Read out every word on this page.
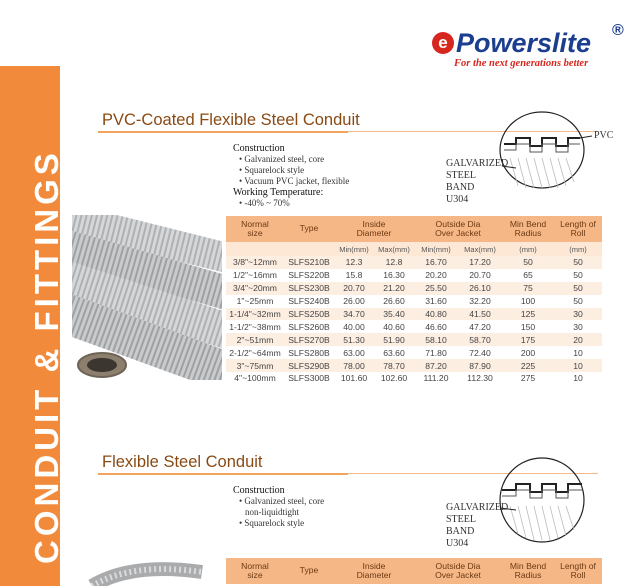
CONDUIT & FITTINGS
e Powerslite ®
For the next generations better
PVC-Coated Flexible Steel Conduit
Construction
• Galvanized steel, core
• Squarelock style
• Vacuum PVC jacket, flexible
Working Temperature:
• -40% ~ 70%
PVC
GALVARIZED
STEEL
BAND
U304
Normal size	Type	Inside Diameter		Outside Dia Over Jacket		Min Bend Radius	Length of Roll
		Min(mm)	Max(mm)	Min(mm)	Max(mm)	(mm)	(mm)
3/8"~12mm	SLFS210B	12.3	12.8	16.70	17.20	50	50
1/2"~16mm	SLFS220B	15.8	16.30	20.20	20.70	65	50
3/4"~20mm	SLFS230B	20.70	21.20	25.50	26.10	75	50
1"~25mm	SLFS240B	26.00	26.60	31.60	32.20	100	50
1-1/4"~32mm	SLFS250B	34.70	35.40	40.80	41.50	125	30
1-1/2"~38mm	SLFS260B	40.00	40.60	46.60	47.20	150	30
2"~51mm	SLFS270B	51.30	51.90	58.10	58.70	175	20
2-1/2"~64mm	SLFS280B	63.00	63.60	71.80	72.40	200	10
3"~75mm	SLFS290B	78.00	78.70	87.20	87.90	225	10
4"~100mm	SLFS300B	101.60	102.60	111.20	112.30	275	10
Flexible Steel Conduit
Construction
• Galvanized steel, core
non-liquidtight
• Squarelock style
GALVARIZED
STEEL
BAND
U304
Normal size	Type	Inside Diameter	Outside Dia Over Jacket	Min Bend Radius	Length of Roll
